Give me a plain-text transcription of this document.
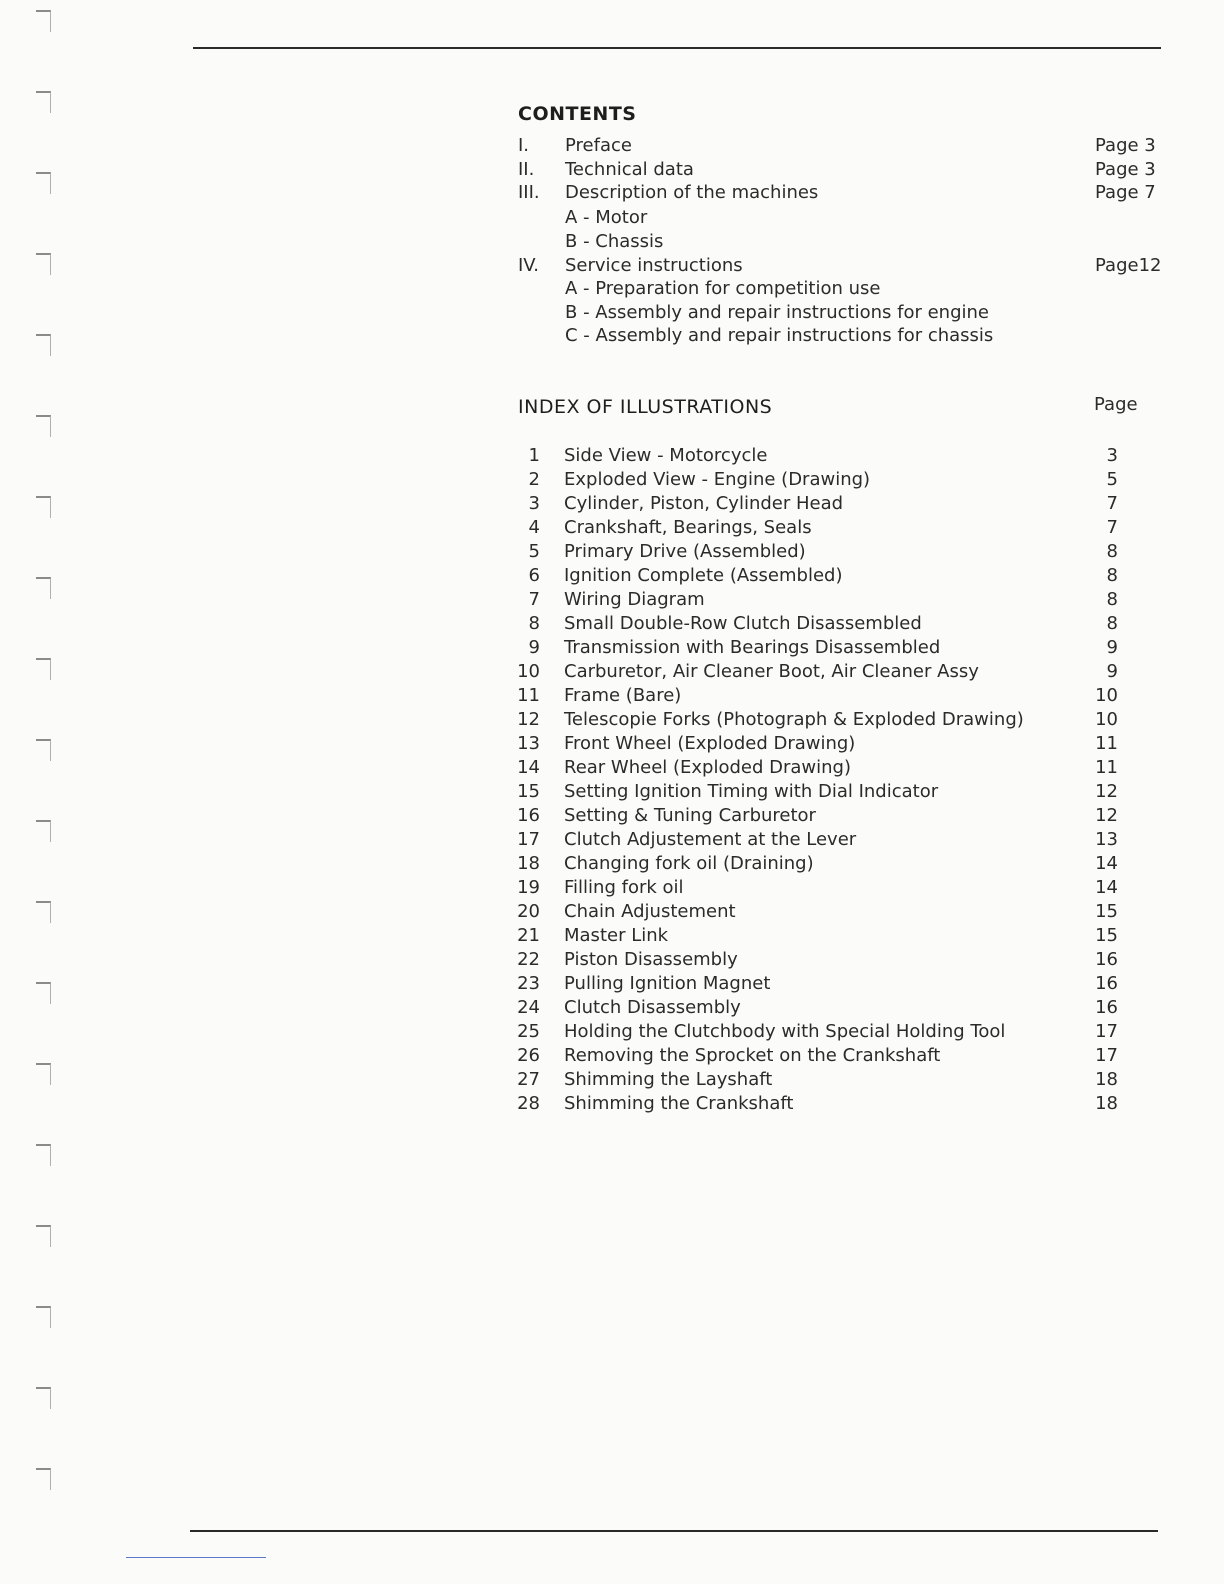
CONTENTS
I. Preface	Page 3
II. Technical data	Page 3
III. Description of the machines	Page 7
A - Motor
B - Chassis
IV. Service instructions	Page12
A - Preparation for competition use
B - Assembly and repair instructions for engine
C - Assembly and repair instructions for chassis
INDEX OF ILLUSTRATIONS	Page
1 Side View - Motorcycle	3
2 Exploded View - Engine (Drawing)	5
3 Cylinder, Piston, Cylinder Head	7
4 Crankshaft, Bearings, Seals	7
5 Primary Drive (Assembled)	8
6 Ignition Complete (Assembled)	8
7 Wiring Diagram	8
8 Small Double-Row Clutch Disassembled	8
9 Transmission with Bearings Disassembled	9
10 Carburetor, Air Cleaner Boot, Air Cleaner Assy	9
11 Frame (Bare)	10
12 Telescopie Forks (Photograph & Exploded Drawing)	10
13 Front Wheel (Exploded Drawing)	11
14 Rear Wheel (Exploded Drawing)	11
15 Setting Ignition Timing with Dial Indicator	12
16 Setting & Tuning Carburetor	12
17 Clutch Adjustement at the Lever	13
18 Changing fork oil (Draining)	14
19 Filling fork oil	14
20 Chain Adjustement	15
21 Master Link	15
22 Piston Disassembly	16
23 Pulling Ignition Magnet	16
24 Clutch Disassembly	16
25 Holding the Clutchbody with Special Holding Tool	17
26 Removing the Sprocket on the Crankshaft	17
27 Shimming the Layshaft	18
28 Shimming the Crankshaft	18
